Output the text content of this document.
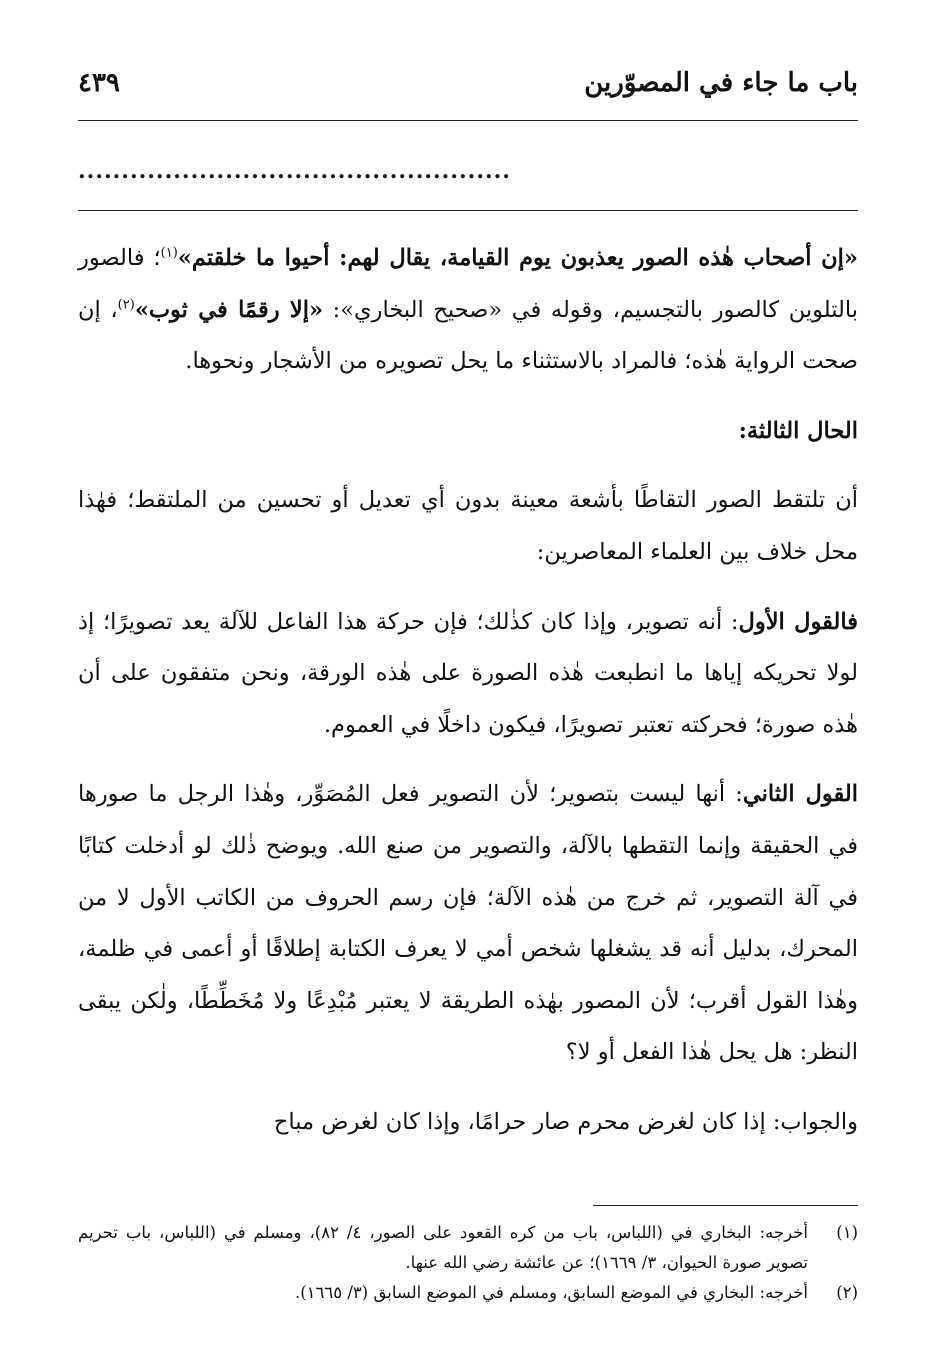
باب ما جاء في المصوّرين
٤٣٩
..................................................

«إن أصحاب هٰذه الصور يعذبون يوم القيامة، يقال لهم: أحيوا ما خلقتم»$^{(١)}$؛ فالصور بالتلوين كالصور بالتجسيم، وقوله في «صحيح البخاري»: «إلا رقمًا في ثوب»$^{(٢)}$، إن صحت الرواية هٰذه؛ فالمراد بالاستثناء ما يحل تصويره من الأشجار ونحوها.

الحال الثالثة:

أن تلتقط الصور التقاطًا بأشعة معينة بدون أي تعديل أو تحسين من الملتقط؛ فهٰذا محل خلاف بين العلماء المعاصرين:

فالقول الأول: أنه تصوير، وإذا كان كذٰلك؛ فإن حركة هذا الفاعل للآلة يعد تصويرًا؛ إذ لولا تحريكه إياها ما انطبعت هٰذه الصورة على هٰذه الورقة، ونحن متفقون على أن هٰذه صورة؛ فحركته تعتبر تصويرًا، فيكون داخلًا في العموم.

القول الثاني: أنها ليست بتصوير؛ لأن التصوير فعل المُصَوِّر، وهٰذا الرجل ما صورها في الحقيقة وإنما التقطها بالآلة، والتصوير من صنع الله. ويوضح ذٰلك لو أدخلت كتابًا في آلة التصوير، ثم خرج من هٰذه الآلة؛ فإن رسم الحروف من الكاتب الأول لا من المحرك، بدليل أنه قد يشغلها شخص أمي لا يعرف الكتابة إطلاقًا أو أعمى في ظلمة، وهٰذا القول أقرب؛ لأن المصور بهٰذه الطريقة لا يعتبر مُبْدِعًا ولا مُخَطِّطًا، ولٰكن يبقى النظر: هل يحل هٰذا الفعل أو لا؟

والجواب: إذا كان لغرض محرم صار حرامًا، وإذا كان لغرض مباح

(١)
أخرجه: البخاري في (اللباس، باب من كره القعود على الصور، ٤/ ٨٢)، ومسلم في (اللباس، باب تحريم تصوير صورة الحيوان، ٣/ ١٦٦٩)؛ عن عائشة رضي الله عنها.

(٢)
أخرجه: البخاري في الموضع السابق، ومسلم في الموضع السابق (٣/ ١٦٦٥).
